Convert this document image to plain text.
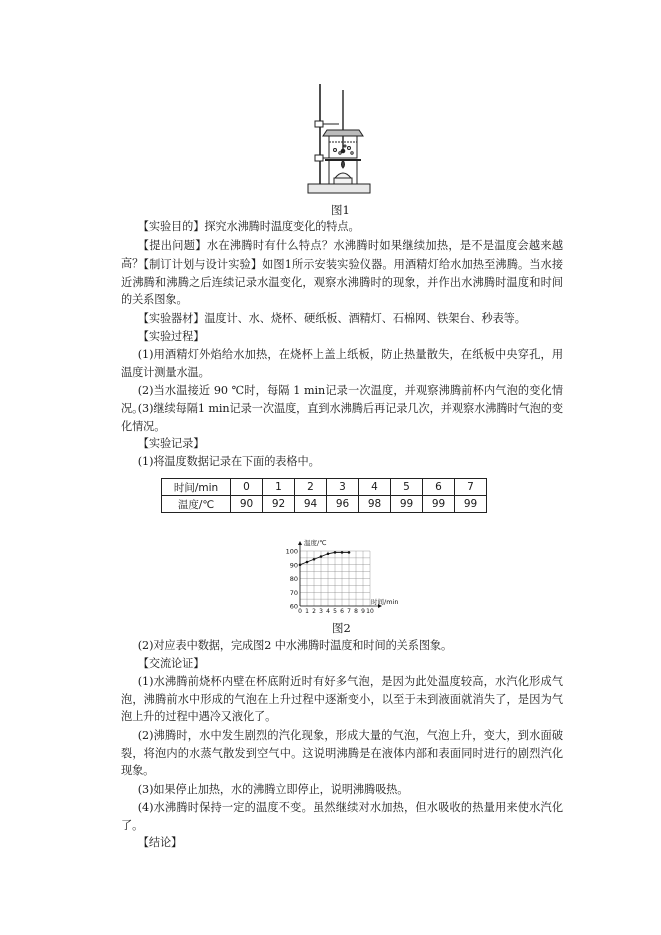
图1
【实验目的】探究水沸腾时温度变化的特点。
【提出问题】水在沸腾时有什么特点？水沸腾时如果继续加热，是不是温度会越来越高？
【制订计划与设计实验】如图1所示安装实验仪器。用酒精灯给水加热至沸腾。当水接近沸腾和沸腾之后连续记录水温变化，观察水沸腾时的现象，并作出水沸腾时温度和时间的关系图象。
【实验器材】温度计、水、烧杯、硬纸板、酒精灯、石棉网、铁架台、秒表等。
【实验过程】
(1)用酒精灯外焰给水加热，在烧杯上盖上纸板，防止热量散失，在纸板中央穿孔，用温度计测量水温。
(2)当水温接近 90 ℃时，每隔 1 min记录一次温度，并观察沸腾前杯内气泡的变化情况。
(3)继续每隔1 min记录一次温度，直到水沸腾后再记录几次，并观察水沸腾时气泡的变化情况。
【实验记录】
(1)将温度数据记录在下面的表格中。
时间/min	0	1	2	3	4	5	6	7
温度/℃	90	92	94	96	98	99	99	99
60
70
80
90
100
0 1 2 3 4 5 6 7 8 9 10
温度/℃
时间/min
图2
(2)对应表中数据，完成图2 中水沸腾时温度和时间的关系图象。
【交流论证】
(1)水沸腾前烧杯内壁在杯底附近时有好多气泡，是因为此处温度较高，水汽化形成气泡，沸腾前水中形成的气泡在上升过程中逐渐变小，以至于未到液面就消失了，是因为气泡上升的过程中遇冷又液化了。
(2)沸腾时，水中发生剧烈的汽化现象，形成大量的气泡，气泡上升，变大，到水面破裂，将泡内的水蒸气散发到空气中。这说明沸腾是在液体内部和表面同时进行的剧烈汽化现象。
(3)如果停止加热，水的沸腾立即停止，说明沸腾吸热。
(4)水沸腾时保持一定的温度不变。虽然继续对水加热，但水吸收的热量用来使水汽化了。
【结论】
